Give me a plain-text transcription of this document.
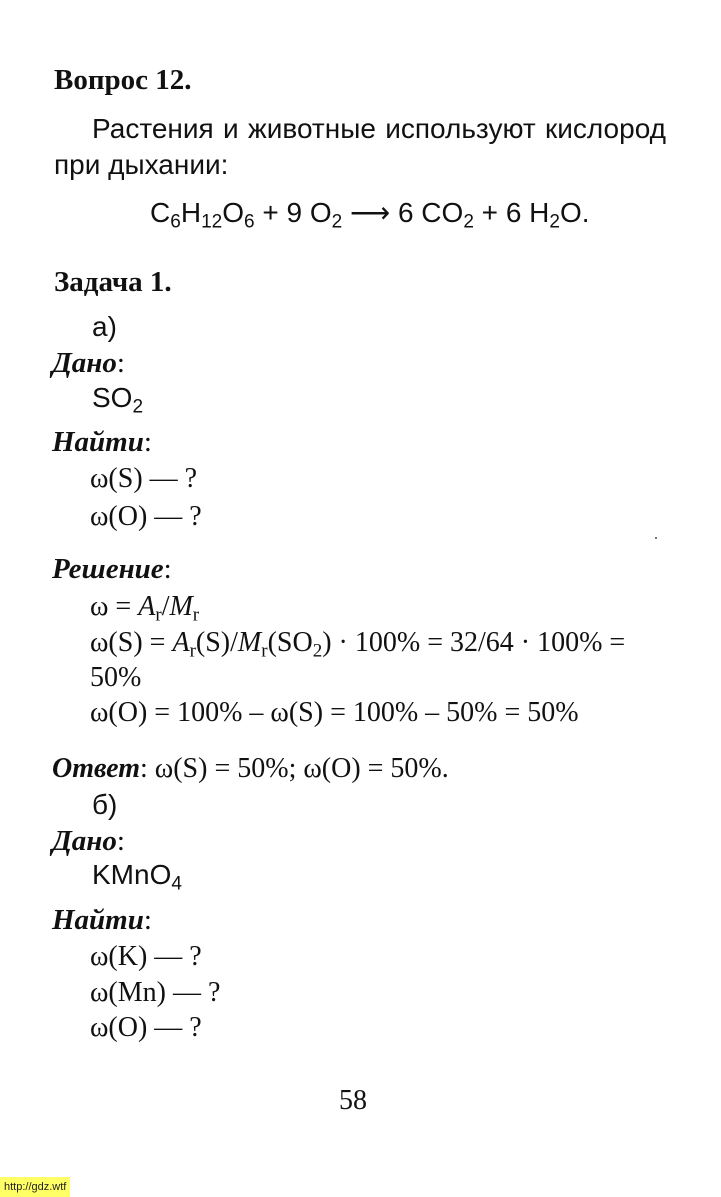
Вопрос 12.
Растения и животные используют кислород
при дыхании:
$C_6H_{12}O_6 + 9$ $O_2$ ⟶ 6 $CO_2 + 6$ $H_2O$.
Задача 1.
а)
Дано:
$SO_2$
Найти:
ω(S) — ?
ω(O) — ?
Решение:
$\omega = A_r/M_r$
$\omega(S) = A_r(S)/M_r(SO_2) \cdot 100\% = 32/64 \cdot 100\%$ =
50%
ω(O) = 100% – ω(S) = 100% – 50% = 50%
Ответ: ω(S) = 50%; ω(O) = 50%.
б)
Дано:
KMnO$_4$
Найти:
ω(K) — ?
ω(Mn) — ?
ω(O) — ?
58
http://gdz.wtf
